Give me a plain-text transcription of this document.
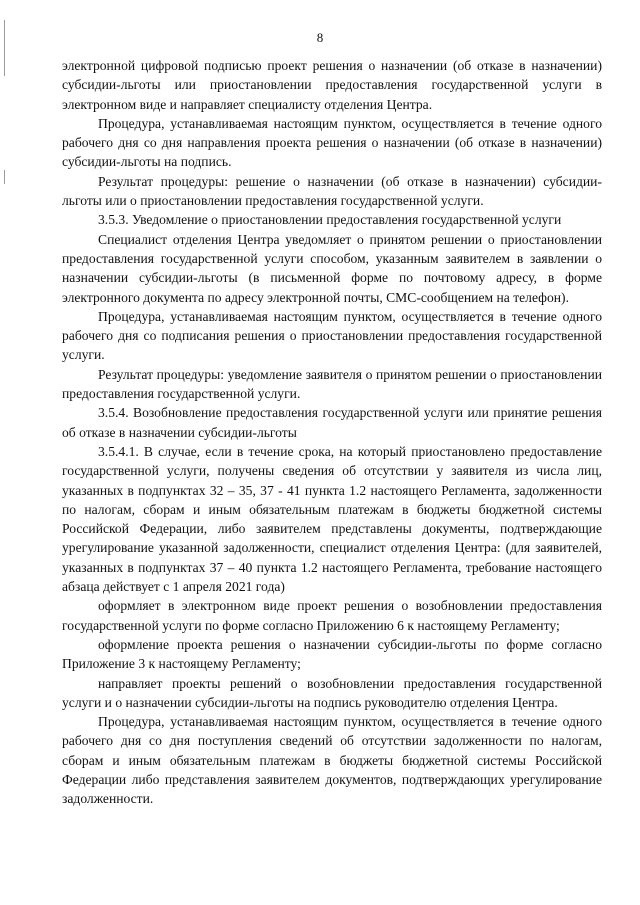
8

электронной цифровой подписью проект решения о назначении (об отказе в назначении) субсидии-льготы или приостановлении предоставления государственной услуги в электронном виде и направляет специалисту отделения Центра.

Процедура, устанавливаемая настоящим пунктом, осуществляется в течение одного рабочего дня со дня направления проекта решения о назначении (об отказе в назначении) субсидии-льготы на подпись.

Результат процедуры: решение о назначении (об отказе в назначении) субсидии-льготы или о приостановлении предоставления государственной услуги.

3.5.3. Уведомление о приостановлении предоставления государственной услуги

Специалист отделения Центра уведомляет о принятом решении о приостановлении предоставления государственной услуги способом, указанным заявителем в заявлении о назначении субсидии-льготы (в письменной форме по почтовому адресу, в форме электронного документа по адресу электронной почты, СМС-сообщением на телефон).

Процедура, устанавливаемая настоящим пунктом, осуществляется в течение одного рабочего дня со подписания решения о приостановлении предоставления государственной услуги.

Результат процедуры: уведомление заявителя о принятом решении о приостановлении предоставления государственной услуги.

3.5.4. Возобновление предоставления государственной услуги или принятие решения об отказе в назначении субсидии-льготы

3.5.4.1. В случае, если в течение срока, на который приостановлено предоставление государственной услуги, получены сведения об отсутствии у заявителя из числа лиц, указанных в подпунктах 32 – 35, 37 - 41 пункта 1.2 настоящего Регламента, задолженности по налогам, сборам и иным обязательным платежам в бюджеты бюджетной системы Российской Федерации, либо заявителем представлены документы, подтверждающие урегулирование указанной задолженности, специалист отделения Центра: (для заявителей, указанных в подпунктах 37 – 40 пункта 1.2 настоящего Регламента, требование настоящего абзаца действует с 1 апреля 2021 года)

оформляет в электронном виде проект решения о возобновлении предоставления государственной услуги по форме согласно Приложению 6 к настоящему Регламенту;

оформление проекта решения о назначении субсидии-льготы по форме согласно Приложение 3 к настоящему Регламенту;

направляет проекты решений о возобновлении предоставления государственной услуги и о назначении субсидии-льготы на подпись руководителю отделения Центра.

Процедура, устанавливаемая настоящим пунктом, осуществляется в течение одного рабочего дня со дня поступления сведений об отсутствии задолженности по налогам, сборам и иным обязательным платежам в бюджеты бюджетной системы Российской Федерации либо представления заявителем документов, подтверждающих урегулирование задолженности.
